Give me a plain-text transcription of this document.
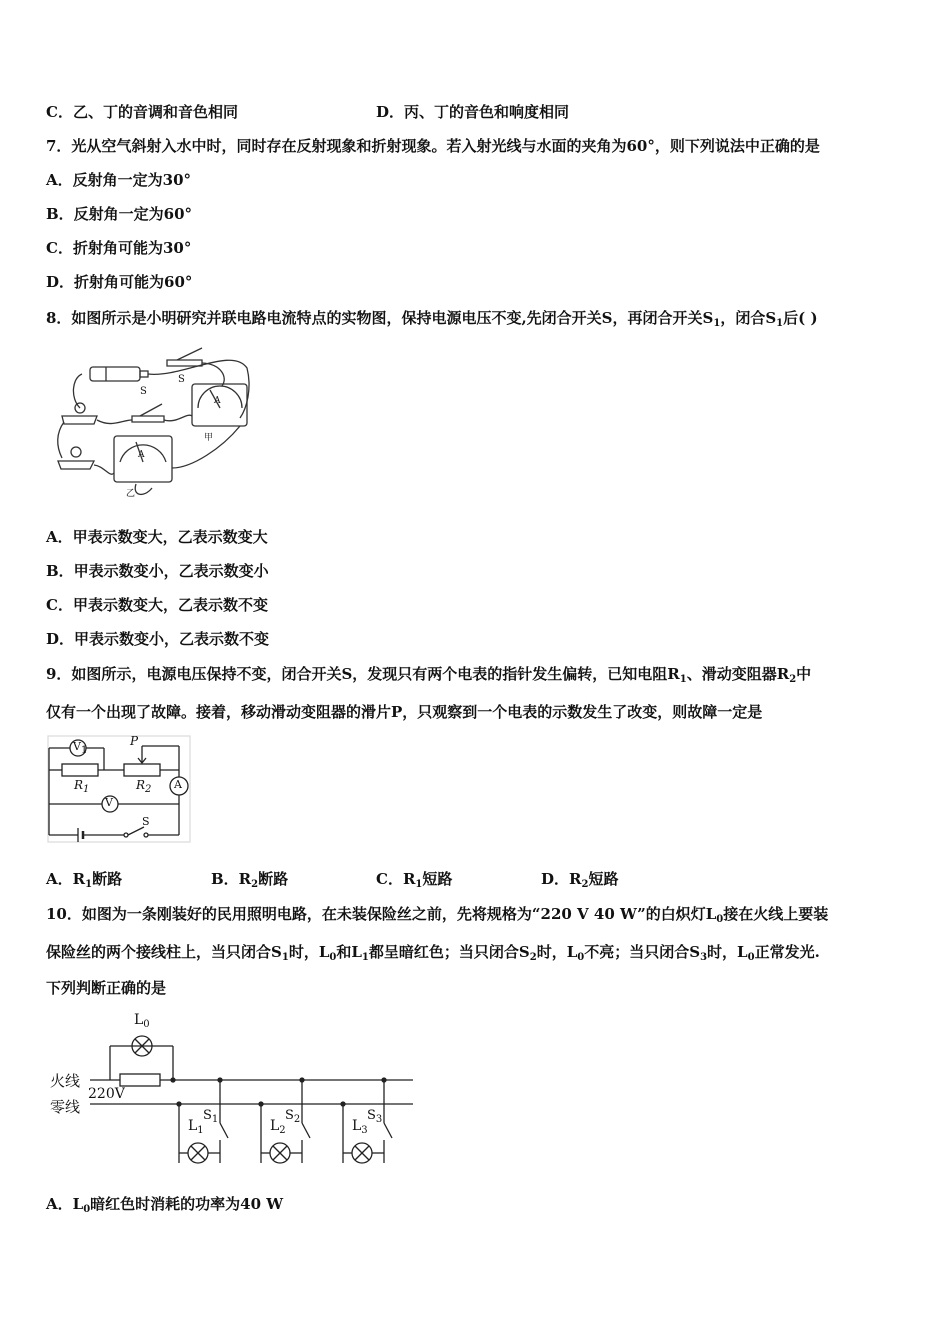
C．乙、丁的音调和音色相同	D．丙、丁的音色和响度相同
7．光从空气斜射入水中时，同时存在反射现象和折射现象。若入射光线与水面的夹角为60°，则下列说法中正确的是
A．反射角一定为30°
B．反射角一定为60°
C．折射角可能为30°
D．折射角可能为60°
8．如图所示是小明研究并联电路电流特点的实物图，保持电源电压不变,先闭合开关S，再闭合开关$S_1$，闭合$S_1$后( )
S
S
A
A
甲
乙
A．甲表示数变大，乙表示数变大
B．甲表示数变小，乙表示数变小
C．甲表示数变大，乙表示数不变
D．甲表示数变小，乙表示数不变
9．如图所示，电源电压保持不变，闭合开关S，发现只有两个电表的指针发生偏转，已知电阻$R_1$、滑动变阻器$R_2$中
仅有一个出现了故障。接着，移动滑动变阻器的滑片P，只观察到一个电表的示数发生了改变，则故障一定是
$V_1$
P
$R_1$	$R_2$ A
V
S
A．$R_1$断路	B．$R_2$断路	C．$R_1$短路	D．$R_2$短路
10．如图为一条刚装好的民用照明电路，在未装保险丝之前，先将规格为“220 V 40 W”的白炽灯$L_0$接在火线上要装
保险丝的两个接线柱上，当只闭合$S_1$时，$L_0$和$L_1$都呈暗红色；当只闭合$S_2$时，$L_0$不亮；当只闭合$S_3$时，$L_0$正常发光.
下列判断正确的是
$L_0$
火线
零线
220V
$L_1$	$L_2$	$L_3$
$S_1$	$S_2$	$S_3$
A．$L_0$暗红色时消耗的功率为40 W
